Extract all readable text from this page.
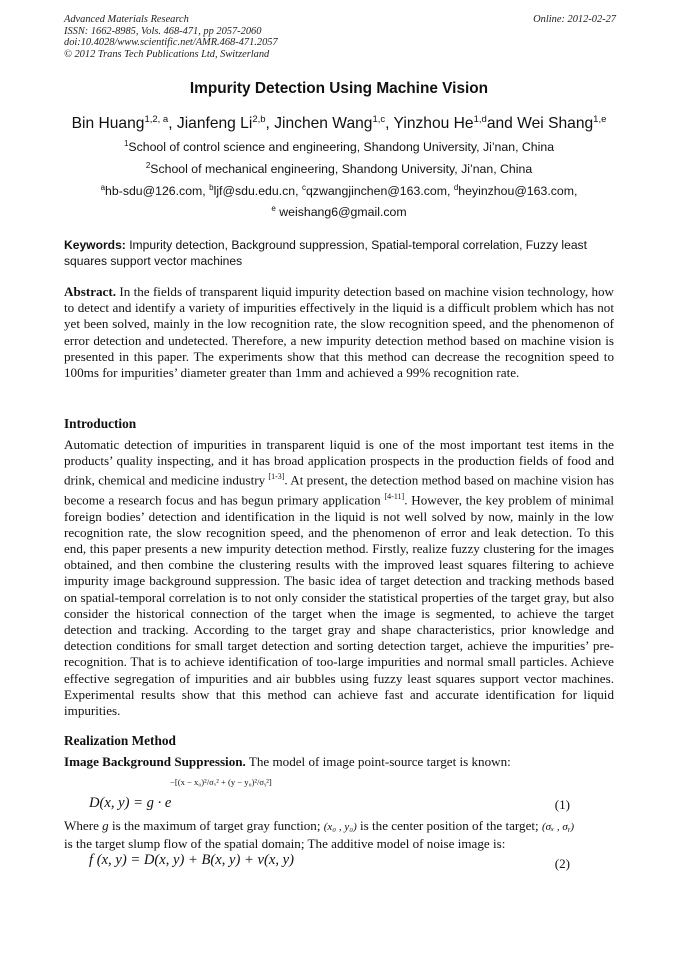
Advanced Materials Research
ISSN: 1662-8985, Vols. 468-471, pp 2057-2060
doi:10.4028/www.scientific.net/AMR.468-471.2057
© 2012 Trans Tech Publications Ltd, Switzerland
Online: 2012-02-27
Impurity Detection Using Machine Vision
Bin Huang$^{1,2, a}$, Jianfeng Li$^{2,b}$, Jinchen Wang$^{1,c}$, Yinzhou He$^{1,d}$and Wei Shang$^{1,e}$
$^1$School of control science and engineering, Shandong University, Ji’nan, China
$^2$School of mechanical engineering, Shandong University, Ji’nan, China
$^a$hb-sdu@126.com, $^b$ljf@sdu.edu.cn, $^c$qzwangjinchen@163.com, $^d$heyinzhou@163.com,
$^e$ weishang6@gmail.com
Keywords: Impurity detection, Background suppression, Spatial-temporal correlation, Fuzzy least squares support vector machines
Abstract. In the fields of transparent liquid impurity detection based on machine vision technology, how to detect and identify a variety of impurities effectively in the liquid is a difficult problem which has not yet been solved, mainly in the low recognition rate, the slow recognition speed, and the phenomenon of error detection and undetected. Therefore, a new impurity detection method based on machine vision is presented in this paper. The experiments show that this method can decrease the recognition speed to 100ms for impurities’ diameter greater than 1mm and achieved a 99% recognition rate.
Introduction
Automatic detection of impurities in transparent liquid is one of the most important test items in the products’ quality inspecting, and it has broad application prospects in the production fields of food and drink, chemical and medicine industry [1-3]. At present, the detection method based on machine vision has become a research focus and has begun primary application [4-11]. However, the key problem of minimal foreign bodies’ detection and identification in the liquid is not well solved by now, mainly in the low recognition rate, the slow recognition speed, and the phenomenon of error and leak detection. To this end, this paper presents a new impurity detection method. Firstly, realize fuzzy clustering for the images obtained, and then combine the clustering results with the improved least squares filtering to achieve impurity image background suppression. The basic idea of target detection and tracking methods based on spatial-temporal correlation is to not only consider the statistical properties of the target gray, but also consider the historical connection of the target when the image is segmented, to achieve the target detection and tracking. According to the target gray and shape characteristics, prior knowledge and detection conditions for small target detection and sorting detection target, achieve the impurities’ pre-recognition. That is to achieve identification of too-large impurities and normal small particles. Achieve effective segregation of impurities and air bubbles using fuzzy least squares support vector machines. Experimental results show that this method can achieve fast and accurate identification for liquid impurities.
Realization Method
Image Background Suppression. The model of image point-source target is known:
D(x, y) = g · e
−[(x − x₀)²/σₓ² + (y − y₀)²/σᵧ²]
(1)
Where g is the maximum of target gray function; (x₀ , y₀) is the center position of the target; (σₓ , σᵧ)
is the target slump flow of the spatial domain; The additive model of noise image is:
f (x, y) = D(x, y) + B(x, y) + v(x, y)	(2)
